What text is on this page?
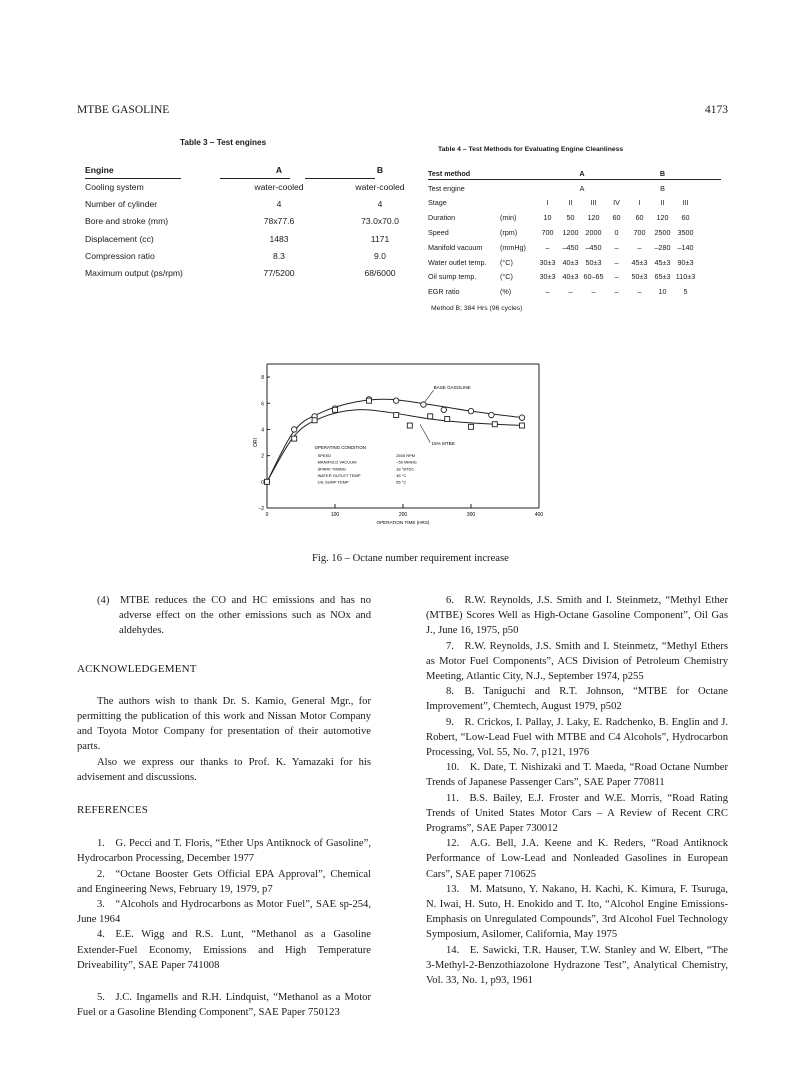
MTBE GASOLINE	4173
Table 3 – Test engines
Engine	A	B
Cooling system	water-cooled	water-cooled
Number of cylinder	4	4
Bore and stroke (mm)	78x77.6	73.0x70.0
Displacement (cc)	1483	1171
Compression ratio	8.3	9.0
Maximum output (ps/rpm)	77/5200	68/6000
Table 4 – Test Methods for Evaluating Engine Cleanliness
Test method		A				B		
Test engine		A				B		
Stage		I	II	III	IV	I	II	III
Duration	(min)	10	50	120	60	60	120	60
Speed	(rpm)	700	1200	2000	0	700	2500	3500
Manifold vacuum	(mmHg)	–	–450	–450	–	–	–280	–140
Water outlet temp.	(°C)	30±3	40±3	50±3	–	45±3	45±3	90±3
Oil sump temp.	(°C)	30±3	40±3	60–65	–	50±3	65±3	110±3
EGR ratio	(%)	–	–	–	–	–	10	5
Method B; 384 Hrs (96 cycles)
0	100	200	300	400
−2
0
2
4
6
8
OPERATION TIME (HRS)
ORI
BASE GASOLINE
15% MTBE
OPERATING CONDITION
SPEED	2500 RPM
MANIFOLD VACUUM	−50 MMHG
SPARK TIMING	18 °BTDC
WATER OUTLET TEMP	45 °C
OIL SUMP TEMP	65 °C
Fig. 16 – Octane number requirement increase

(4) MTBE reduces the CO and HC emissions and has no adverse effect on the other emissions such as NOx and aldehydes.

ACKNOWLEDGEMENT

The authors wish to thank Dr. S. Kamio, General Mgr., for permitting the publication of this work and Nissan Motor Company and Toyota Motor Company for presentation of their automotive parts.

Also we express our thanks to Prof. K. Yamazaki for his advisement and discussions.

REFERENCES

1. G. Pecci and T. Floris, “Ether Ups Antiknock of Gasoline”, Hydrocarbon Processing, December 1977

2. “Octane Booster Gets Official EPA Approval”, Chemical and Engineering News, February 19, 1979, p7

3. “Alcohols and Hydrocarbons as Motor Fuel”, SAE sp-254, June 1964

4. E.E. Wigg and R.S. Lunt, “Methanol as a Gasoline Extender-Fuel Economy, Emissions and High Temperature Driveability”, SAE Paper 741008

5. J.C. Ingamells and R.H. Lindquist, “Methanol as a Motor Fuel or a Gasoline Blending Component”, SAE Paper 750123

6. R.W. Reynolds, J.S. Smith and I. Steinmetz, “Methyl Ether (MTBE) Scores Well as High-Octane Gasoline Component”, Oil Gas J., June 16, 1975, p50

7. R.W. Reynolds, J.S. Smith and I. Steinmetz, “Methyl Ethers as Motor Fuel Components”, ACS Division of Petroleum Chemistry Meeting, Atlantic City, N.J., September 1974, p255

8. B. Taniguchi and R.T. Johnson, “MTBE for Octane Improvement”, Chemtech, August 1979, p502

9. R. Crickos, I. Pallay, J. Laky, E. Radchenko, B. Englin and J. Robert, “Low-Lead Fuel with MTBE and C4 Alcohols”, Hydrocarbon Processing, Vol. 55, No. 7, p121, 1976

10. K. Date, T. Nishizaki and T. Maeda, “Road Octane Number Trends of Japanese Passenger Cars”, SAE Paper 770811

11. B.S. Bailey, E.J. Froster and W.E. Morris, “Road Rating Trends of United States Motor Cars – A Review of Recent CRC Programs”, SAE Paper 730012

12. A.G. Bell, J.A. Keene and K. Reders, “Road Antiknock Performance of Low-Lead and Nonleaded Gasolines in European Cars”, SAE paper 710625

13. M. Matsuno, Y. Nakano, H. Kachi, K. Kimura, F. Tsuruga, N. Iwai, H. Suto, H. Enokido and T. Ito, “Alcohol Engine Emissions-Emphasis on Unregulated Compounds”, 3rd Alcohol Fuel Technology Symposium, Asilomer, California, May 1975

14. E. Sawicki, T.R. Hauser, T.W. Stanley and W. Elbert, “The 3-Methyl-2-Benzothiazolone Hydrazone Test”, Analytical Chemistry, Vol. 33, No. 1, p93, 1961
